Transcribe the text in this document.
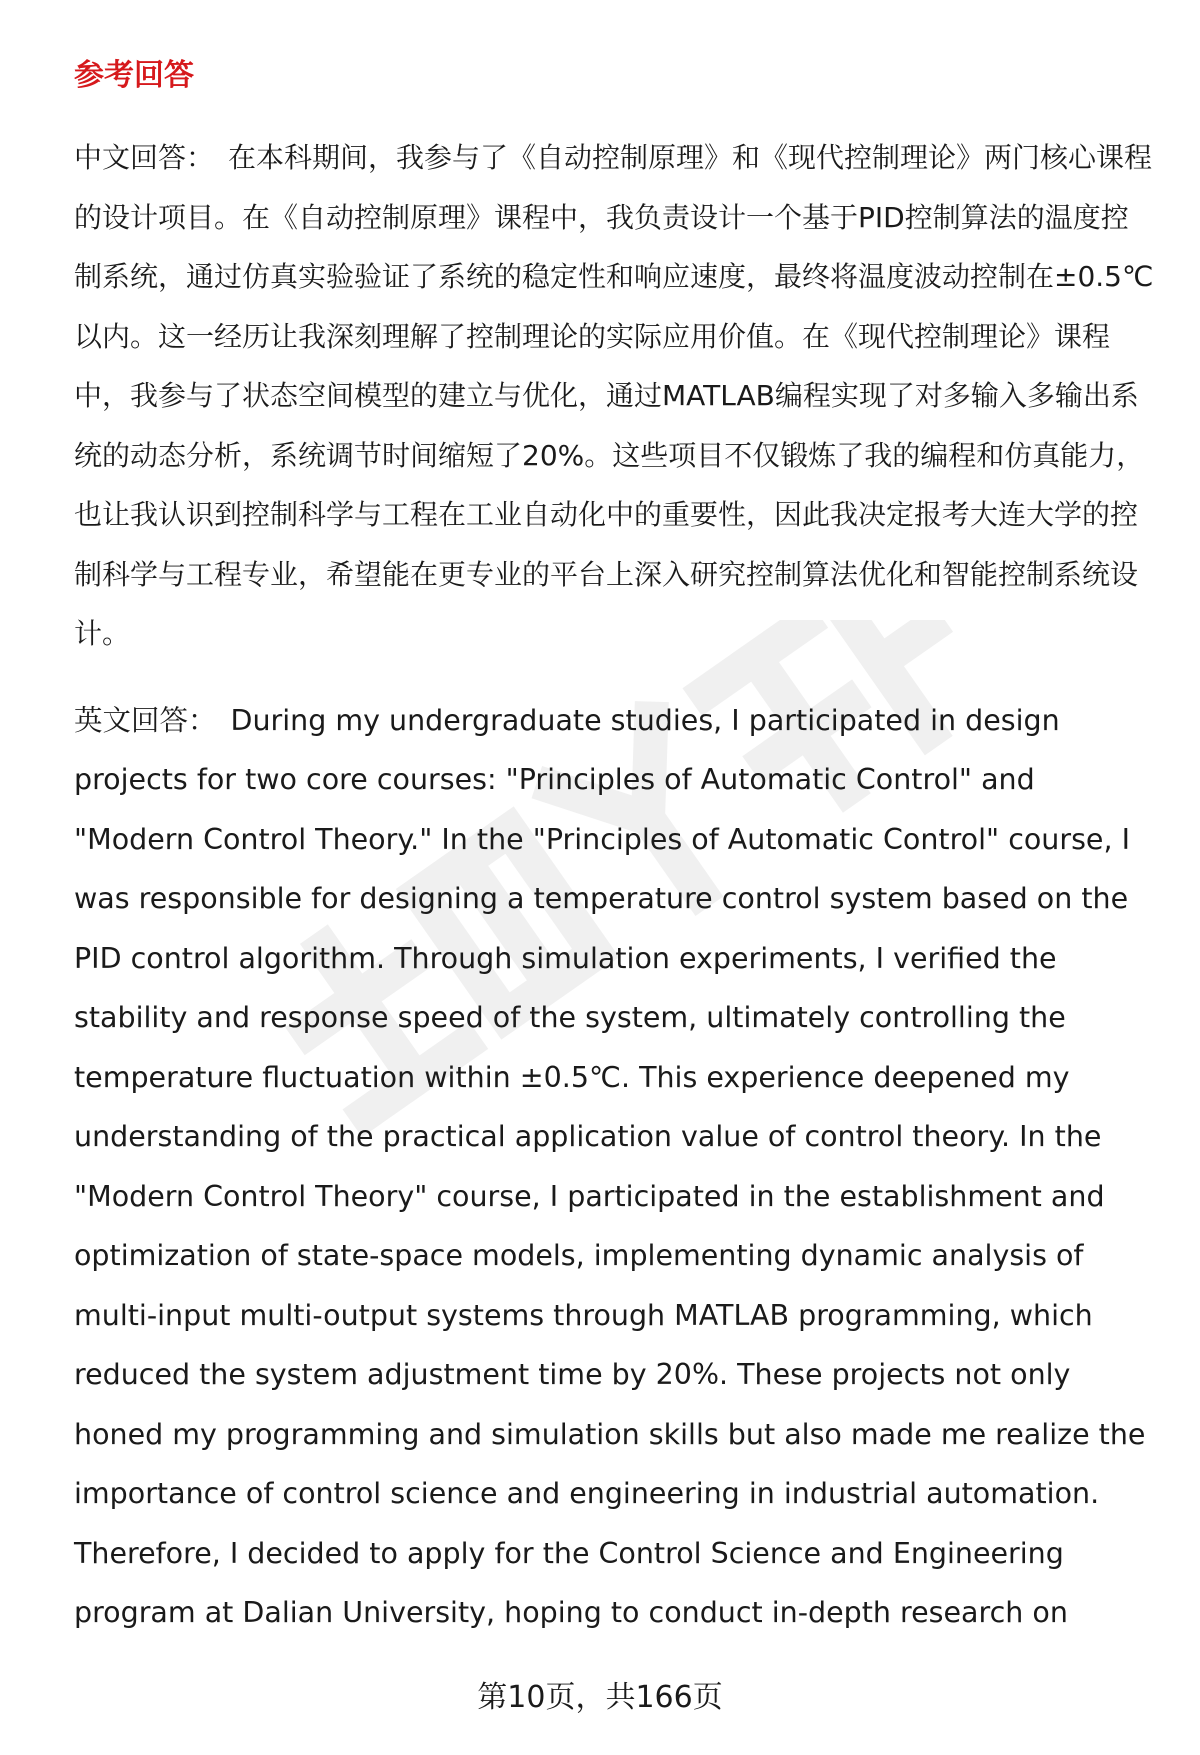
参考回答

中文回答： 在本科期间，我参与了《自动控制原理》和《现代控制理论》两门核心课程的设计项目。在《自动控制原理》课程中，我负责设计一个基于PID控制算法的温度控制系统，通过仿真实验验证了系统的稳定性和响应速度，最终将温度波动控制在±0.5℃以内。这一经历让我深刻理解了控制理论的实际应用价值。在《现代控制理论》课程中，我参与了状态空间模型的建立与优化，通过MATLAB编程实现了对多输入多输出系统的动态分析，系统调节时间缩短了20%。这些项目不仅锻炼了我的编程和仿真能力，也让我认识到控制科学与工程在工业自动化中的重要性，因此我决定报考大连大学的控制科学与工程专业，希望能在更专业的平台上深入研究控制算法优化和智能控制系统设计。

英文回答： During my undergraduate studies, I participated in design projects for two core courses: "Principles of Automatic Control" and "Modern Control Theory." In the "Principles of Automatic Control" course, I was responsible for designing a temperature control system based on the PID control algorithm. Through simulation experiments, I verified the stability and response speed of the system, ultimately controlling the temperature fluctuation within ±0.5℃. This experience deepened my understanding of the practical application value of control theory. In the "Modern Control Theory" course, I participated in the establishment and optimization of state-space models, implementing dynamic analysis of multi-input multi-output systems through MATLAB programming, which reduced the system adjustment time by 20%. These projects not only honed my programming and simulation skills but also made me realize the importance of control science and engineering in industrial automation. Therefore, I decided to apply for the Control Science and Engineering program at Dalian University, hoping to conduct in-depth research on

第10页，共166页
